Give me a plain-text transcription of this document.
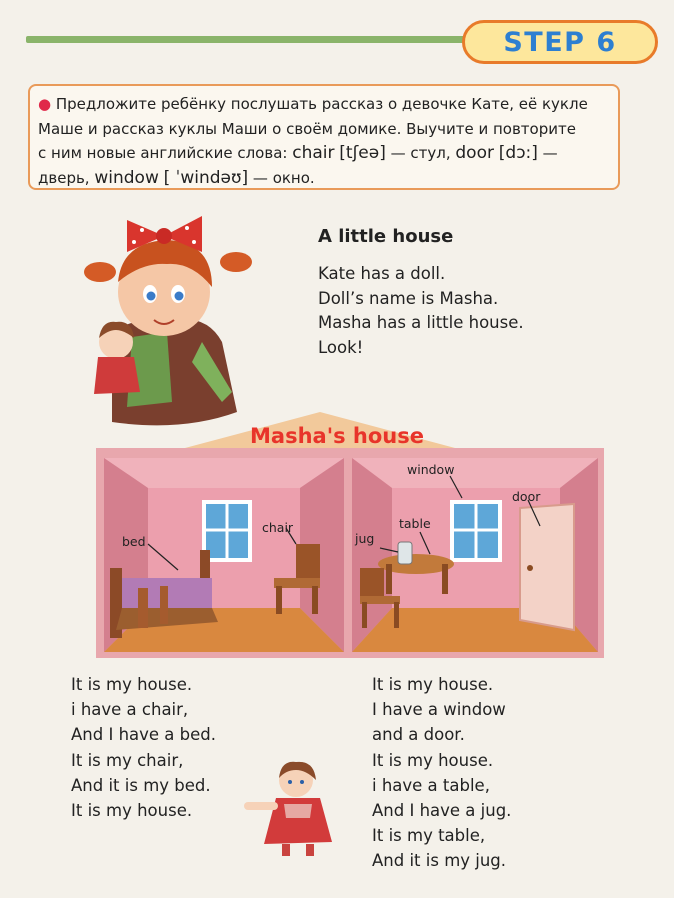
STEP 6
● Предложите ребёнку послушать рассказ о девочке Кате, её кукле
Маше и рассказ куклы Маши о своём домике. Выучите и повторите
с ним новые английские слова: chair [tʃeə] — стул, door [dɔ:] —
дверь, window [ ˈwindəʊ] — окно.
A little house
Kate has a doll.
Doll’s name is Masha.
Masha has a little house.
Look!
Masha's house
bed
chair
window
door
table
jug
It is my house.
i have a chair,
And I have a bed.
It is my chair,
And it is my bed.
It is my house.
It is my house.
I have a window
and a door.
It is my house.
i have a table,
And I have a jug.
It is my table,
And it is my jug.
